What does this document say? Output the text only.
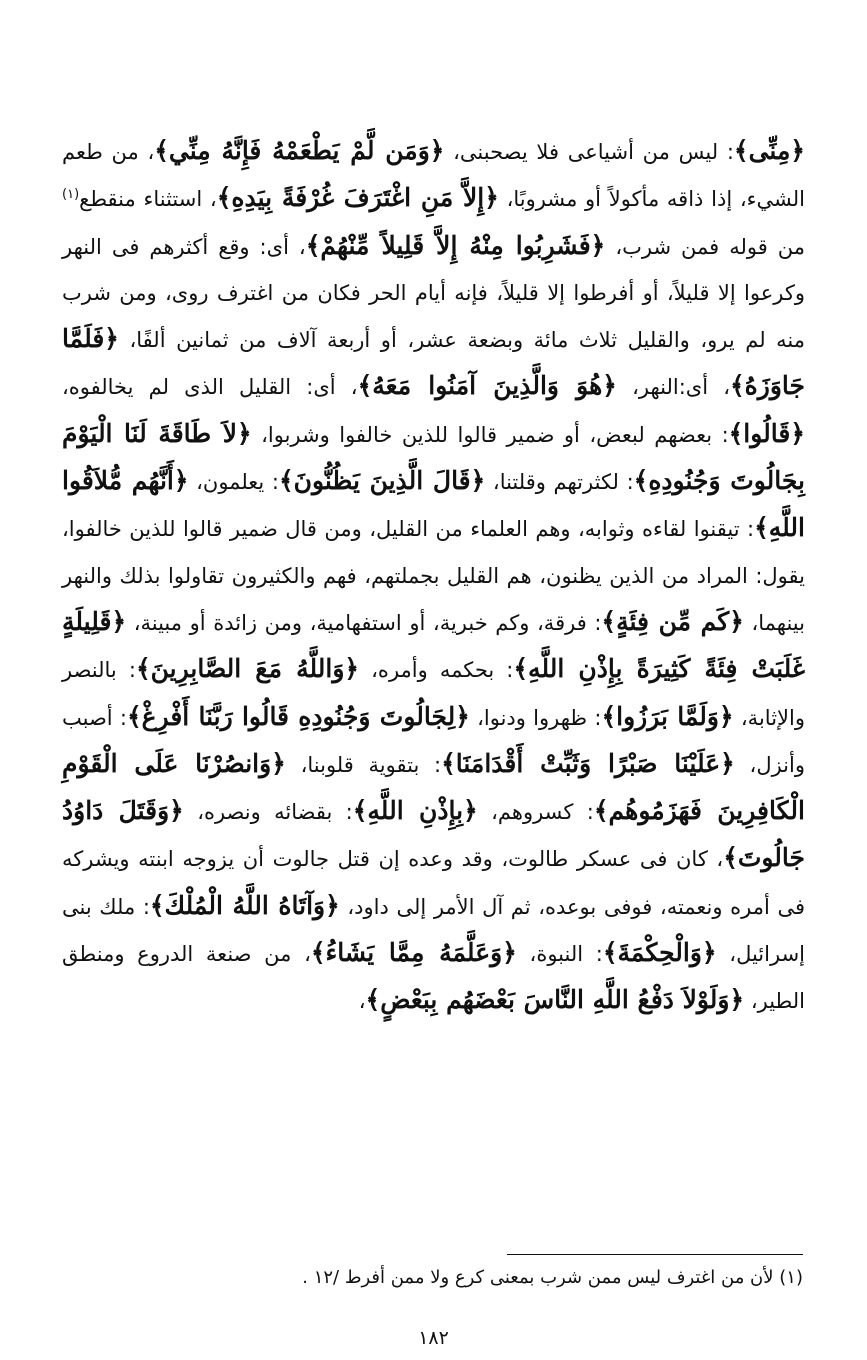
﴿مِنِّى﴾: ليس من أشياعى فلا يصحبنى، ﴿وَمَن لَّمْ يَطْعَمْهُ فَإِنَّهُ مِنِّي﴾، من طعم الشيء، إذا ذاقه مأكولاً أو مشروبًا، ﴿إِلاَّ مَنِ اغْتَرَفَ غُرْفَةً بِيَدِهِ﴾، استثناء منقطع$^{(١)}$ من قوله فمن شرب، ﴿فَشَرِبُوا مِنْهُ إِلاَّ قَلِيلاً مِّنْهُمْ﴾، أى: وقع أكثرهم فى النهر وكرعوا إلا قليلاً، أو أفرطوا إلا قليلاً، فإنه أيام الحر فكان من اغترف روى، ومن شرب منه لم يرو، والقليل ثلاث مائة وبضعة عشر، أو أربعة آلاف من ثمانين ألفًا، ﴿فَلَمَّا جَاوَزَهُ﴾، أى:النهر، ﴿هُوَ وَالَّذِينَ آمَنُوا مَعَهُ﴾، أى: القليل الذى لم يخالفوه، ﴿قَالُوا﴾: بعضهم لبعض، أو ضمير قالوا للذين خالفوا وشربوا، ﴿لاَ طَاقَةَ لَنَا الْيَوْمَ بِجَالُوتَ وَجُنُودِهِ﴾: لكثرتهم وقلتنا، ﴿قَالَ الَّذِينَ يَظُنُّونَ﴾: يعلمون، ﴿أَنَّهُم مُّلاَقُوا اللَّهِ﴾: تيقنوا لقاءه وثوابه، وهم العلماء من القليل، ومن قال ضمير قالوا للذين خالفوا، يقول: المراد من الذين يظنون، هم القليل بجملتهم، فهم والكثيرون تقاولوا بذلك والنهر بينهما، ﴿كَم مِّن فِئَةٍ﴾: فرقة، وكم خبرية، أو استفهامية، ومن زائدة أو مبينة، ﴿قَلِيلَةٍ غَلَبَتْ فِئَةً كَثِيرَةً بِإِذْنِ اللَّهِ﴾: بحكمه وأمره، ﴿وَاللَّهُ مَعَ الصَّابِرِينَ﴾: بالنصر والإثابة، ﴿وَلَمَّا بَرَزُوا﴾: ظهروا ودنوا، ﴿لِجَالُوتَ وَجُنُودِهِ قَالُوا رَبَّنَا أَفْرِغْ﴾: أصبب وأنزل، ﴿عَلَيْنَا صَبْرًا وَثَبِّتْ أَقْدَامَنَا﴾: بتقوية قلوبنا، ﴿وَانصُرْنَا عَلَى الْقَوْمِ الْكَافِرِينَ فَهَزَمُوهُم﴾: كسروهم، ﴿بِإِذْنِ اللَّهِ﴾: بقضائه ونصره، ﴿وَقَتَلَ دَاوُدُ جَالُوتَ﴾، كان فى عسكر طالوت، وقد وعده إن قتل جالوت أن يزوجه ابنته ويشركه فى أمره ونعمته، فوفى بوعده، ثم آل الأمر إلى داود، ﴿وَآتَاهُ اللَّهُ الْمُلْكَ﴾: ملك بنى إسرائيل، ﴿وَالْحِكْمَةَ﴾: النبوة، ﴿وَعَلَّمَهُ مِمَّا يَشَاءُ﴾، من صنعة الدروع ومنطق الطير، ﴿وَلَوْلاَ دَفْعُ اللَّهِ النَّاسَ بَعْضَهُم بِبَعْضٍ﴾،
(١) لأن من اغترف ليس ممن شرب بمعنى كرع ولا ممن أفرط /١٢ .
١٨٢
